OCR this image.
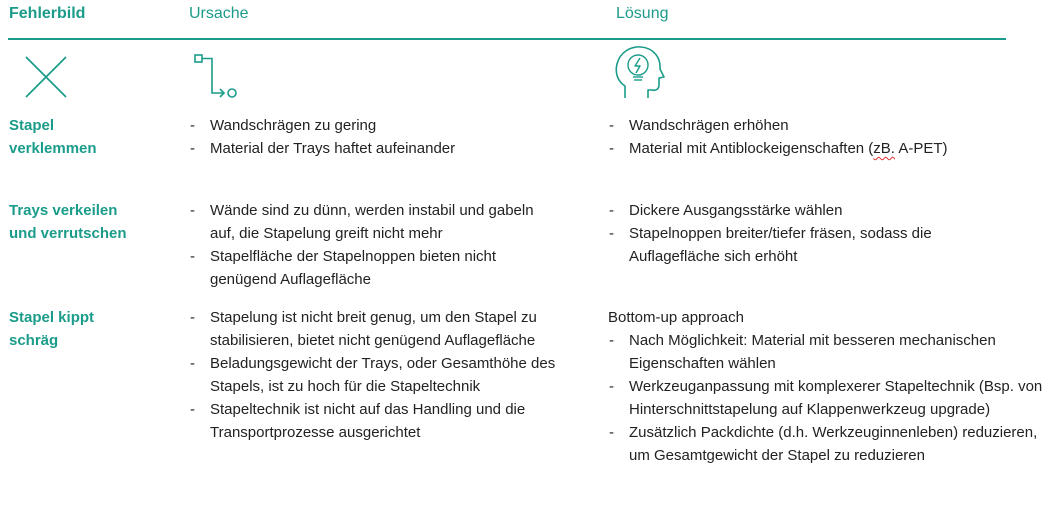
Fehlerbild	Ursache	Lösung
Stapel
verklemmen
- Wandschrägen zu gering
- Material der Trays haftet aufeinander
- Wandschrägen erhöhen
- Material mit Antiblockeigenschaften (zB. A-PET)
Trays verkeilen
und verrutschen
- Wände sind zu dünn, werden instabil und gabeln auf, die Stapelung greift nicht mehr
- Stapelfläche der Stapelnoppen bieten nicht genügend Auflagefläche
- Dickere Ausgangsstärke wählen
- Stapelnoppen breiter/tiefer fräsen, sodass die Auflagefläche sich erhöht
Stapel kippt
schräg
- Stapelung ist nicht breit genug, um den Stapel zu stabilisieren, bietet nicht genügend Auflagefläche
- Beladungsgewicht der Trays, oder Gesamthöhe des Stapels, ist zu hoch für die Stapeltechnik
- Stapeltechnik ist nicht auf das Handling und die Transportprozesse ausgerichtet
Bottom-up approach
- Nach Möglichkeit: Material mit besseren mechanischen Eigenschaften wählen
- Werkzeuganpassung mit komplexerer Stapeltechnik (Bsp. von Hinterschnittstapelung auf Klappenwerkzeug upgrade)
- Zusätzlich Packdichte (d.h. Werkzeuginnenleben) reduzieren, um Gesamtgewicht der Stapel zu reduzieren
